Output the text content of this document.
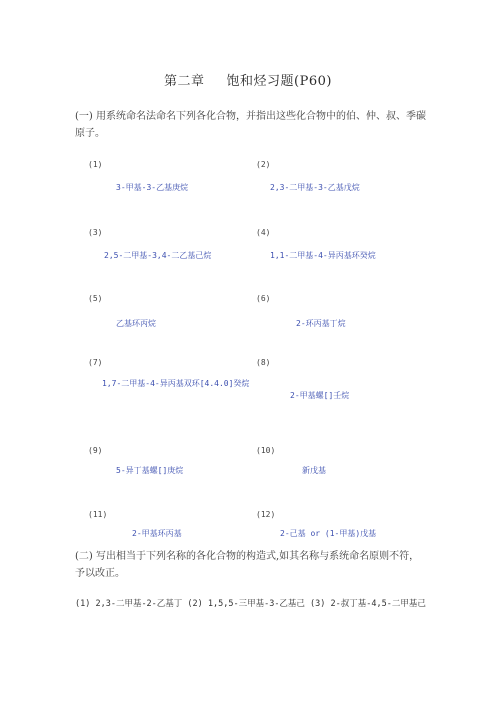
第二章 饱和烃习题(P60)
(一) 用系统命名法命名下列各化合物，并指出这些化合物中的伯、仲、叔、季碳原子。
(1)	(2)
3-甲基-3-乙基庚烷	2,3-二甲基-3-乙基戊烷
(3)	(4)
2,5-二甲基-3,4-二乙基己烷	1,1-二甲基-4-异丙基环癸烷
(5)	(6)
乙基环丙烷	2-环丙基丁烷
(7)	(8)
1,7-二甲基-4-异丙基双环[4.4.0]癸烷
2-甲基螺[]壬烷
(9)	(10)
5-异丁基螺[]庚烷	新戊基
(11)	(12)
2-甲基环丙基	2-己基 or (1-甲基)戊基
(二) 写出相当于下列名称的各化合物的构造式,如其名称与系统命名原则不符，予以改正。
(1) 2,3-二甲基-2-乙基丁 (2) 1,5,5-三甲基-3-乙基己 (3) 2-叔丁基-4,5-二甲基己
